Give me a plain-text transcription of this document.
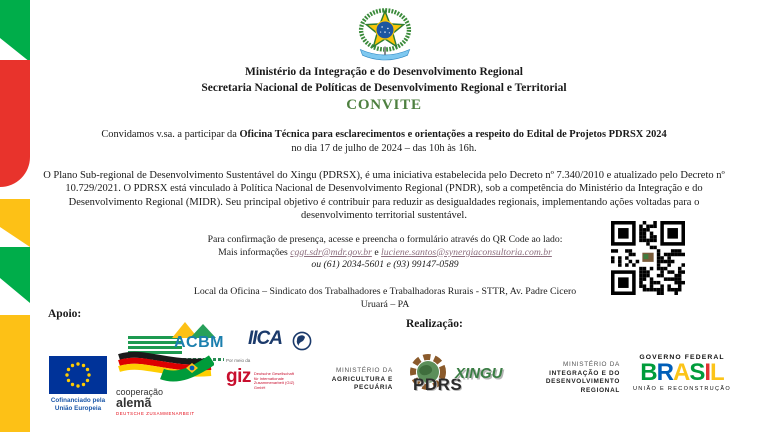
Ministério da Integração e do Desenvolvimento Regional
Secretaria Nacional de Políticas de Desenvolvimento Regional e Territorial
CONVITE
Convidamos v.sa. a participar da Oficina Técnica para esclarecimentos e orientações a respeito do Edital de Projetos PDRSX 2024
no dia 17 de julho de 2024 – das 10h às 16h.

O Plano Sub-regional de Desenvolvimento Sustentável do Xingu (PDRSX), é uma iniciativa estabelecida pelo Decreto nº 7.340/2010 e atualizado pelo Decreto nº 10.729/2021. O PDRSX está vinculado à Política Nacional de Desenvolvimento Regional (PNDR), sob a competência do Ministério da Integração e do Desenvolvimento Regional (MIDR). Seu principal objetivo é contribuir para reduzir as desigualdades regionais, implementando ações voltadas para o desenvolvimento territorial sustentável.

Para confirmação de presença, acesse e preencha o formulário através do QR Code ao lado:
Mais informações cggt.sdr@mdr.gov.br e luciene.santos@synergiaconsultoria.com.br
ou (61) 2034-5601 e (93) 99147-0589
Local da Oficina – Sindicato dos Trabalhadores e Trabalhadoras Rurais - STTR, Av. Padre Cicero
Uruará – PA
Apoio:
Realização:
ACBM IICA
Cofinanciado pela
União Europeia
cooperação
alemã
DEUTSCHE ZUSAMMENARBEIT
Por meio da
giz Deutsche Gesellschaft
für Internationale
Zusammenarbeit (GIZ) GmbH
MINISTÉRIO DA
AGRICULTURA E
PECUÁRIA PDRS
XINGU
MINISTÉRIO DA
INTEGRAÇÃO E DO
DESENVOLVIMENTO
REGIONAL
GOVERNO FEDERAL
BRASIL
UNIÃO E RECONSTRUÇÃO
